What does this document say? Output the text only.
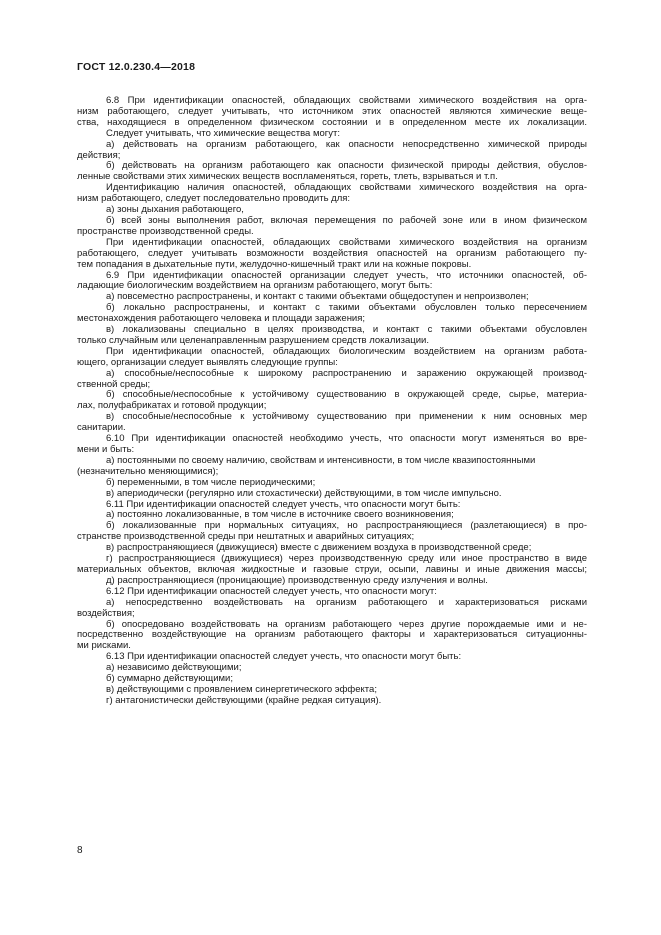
ГОСТ 12.0.230.4—2018
6.8 При идентификации опасностей, обладающих свойствами химического воздействия на орга-
низм работающего, следует учитывать, что источником этих опасностей являются химические веще-
ства, находящиеся в определенном физическом состоянии и в определенном месте их локализации.
Следует учитывать, что химические вещества могут:
а) действовать на организм работающего, как опасности непосредственно химической природы
действия;
б) действовать на организм работающего как опасности физической природы действия, обуслов-
ленные свойствами этих химических веществ воспламеняться, гореть, тлеть, взрываться и т.п.
Идентификацию наличия опасностей, обладающих свойствами химического воздействия на орга-
низм работающего, следует последовательно проводить для:
а) зоны дыхания работающего,
б) всей зоны выполнения работ, включая перемещения по рабочей зоне или в ином физическом
пространстве производственной среды.
При идентификации опасностей, обладающих свойствами химического воздействия на организм
работающего, следует учитывать возможности воздействия опасностей на организм работающего пу-
тем попадания в дыхательные пути, желудочно-кишечный тракт или на кожные покровы.
6.9 При идентификации опасностей организации следует учесть, что источники опасностей, об-
ладающие биологическим воздействием на организм работающего, могут быть:
а) повсеместно распространены, и контакт с такими объектами общедоступен и непроизволен;
б) локально распространены, и контакт с такими объектами обусловлен только пересечением
местонахождения работающего человека и площади заражения;
в) локализованы специально в целях производства, и контакт с такими объектами обусловлен
только случайным или целенаправленным разрушением средств локализации.
При идентификации опасностей, обладающих биологическим воздействием на организм работа-
ющего, организации следует выявлять следующие группы:
а) способные/неспособные к широкому распространению и заражению окружающей производ-
ственной среды;
б) способные/неспособные к устойчивому существованию в окружающей среде, сырье, материа-
лах, полуфабрикатах и готовой продукции;
в) способные/неспособные к устойчивому существованию при применении к ним основных мер
санитарии.
6.10 При идентификации опасностей необходимо учесть, что опасности могут изменяться во вре-
мени и быть:
а) постоянными по своему наличию, свойствам и интенсивности, в том числе квазипостоянными
(незначительно меняющимися);
б) переменными, в том числе периодическими;
в) апериодически (регулярно или стохастически) действующими, в том числе импульсно.
6.11 При идентификации опасностей следует учесть, что опасности могут быть:
а) постоянно локализованные, в том числе в источнике своего возникновения;
б) локализованные при нормальных ситуациях, но распространяющиеся (разлетающиеся) в про-
странстве производственной среды при нештатных и аварийных ситуациях;
в) распространяющиеся (движущиеся) вместе с движением воздуха в производственной среде;
г) распространяющиеся (движущиеся) через производственную среду или иное пространство в виде
материальных объектов, включая жидкостные и газовые струи, осыпи, лавины и иные движения массы;
д) распространяющиеся (проницающие) производственную среду излучения и волны.
6.12 При идентификации опасностей следует учесть, что опасности могут:
а) непосредственно воздействовать на организм работающего и характеризоваться рисками
воздействия;
б) опосредовано воздействовать на организм работающего через другие порождаемые ими и не-
посредственно воздействующие на организм работающего факторы и характеризоваться ситуационны-
ми рисками.
6.13 При идентификации опасностей следует учесть, что опасности могут быть:
а) независимо действующими;
б) суммарно действующими;
в) действующими с проявлением синергетического эффекта;
г) антагонистически действующими (крайне редкая ситуация).
8
